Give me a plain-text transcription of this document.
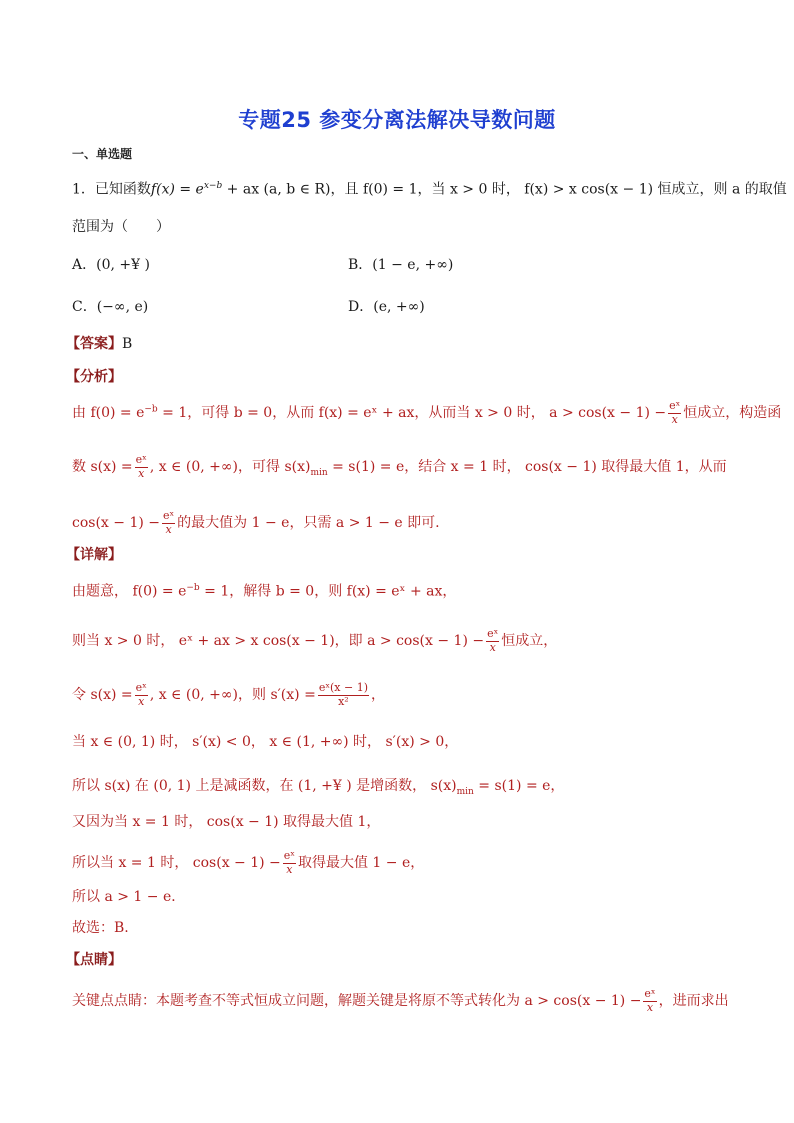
专题25 参变分离法解决导数问题
一、单选题
1．已知函数$f(x) = e^{x-b}$ + ax (a, b ∈ R)，且 f(0) = 1，当 x > 0 时， f(x) > x cos(x − 1) 恒成立，则 a 的取值
范围为（　　）
A．(0, +¥ )	B．(1 − e, +∞)
C．(−∞, e)	D．(e, +∞)
【答案】B
【分析】
由 $f(0) = e^{-b} = 1$，可得 b = 0，从而 f(x) = eˣ + ax，从而当 x > 0 时， $a > \cos(x - 1) - \frac{\text{eˣ}}{x}$ 恒成立，构造函
数 $s(x) = \frac{\text{eˣ}}{x}$ , x ∈ (0, +∞)，可得 $s(x)_{min} = s(1) = e$，结合 x = 1 时， cos(x − 1) 取得最大值 1，从而
$\cos(x - 1) - \frac{\text{eˣ}}{x}$ 的最大值为 1 − e，只需 a > 1 − e 即可.
【详解】
由题意， $f(0) = e^{-b} = 1$，解得 b = 0，则 f(x) = eˣ + ax，
则当 x > 0 时， eˣ + ax > x cos(x − 1)，即 $a > \cos(x - 1) - \frac{\text{eˣ}}{x}$ 恒成立，
令 $s(x) = \frac{\text{eˣ}}{x}$ , x ∈ (0, +∞)，则 $s'(x) = \frac{\text{eˣ(x − 1)}}{\text{x²}}$ ，
当 x ∈ (0, 1) 时， s′(x) < 0， x ∈ (1, +∞) 时， s′(x) > 0，
所以 s(x) 在 (0, 1) 上是减函数，在 (1, +¥ ) 是增函数， $s(x)_{min} = s(1) = e$，
又因为当 x = 1 时， cos(x − 1) 取得最大值 1，
所以当 x = 1 时， $\cos(x - 1) - \frac{\text{eˣ}}{x}$ 取得最大值 1 − e，
所以 a > 1 − e．
故选：B.
【点睛】
关键点点睛：本题考查不等式恒成立问题，解题关键是将原不等式转化为 $a > \cos(x - 1) - \frac{\text{eˣ}}{x}$ ，进而求出
